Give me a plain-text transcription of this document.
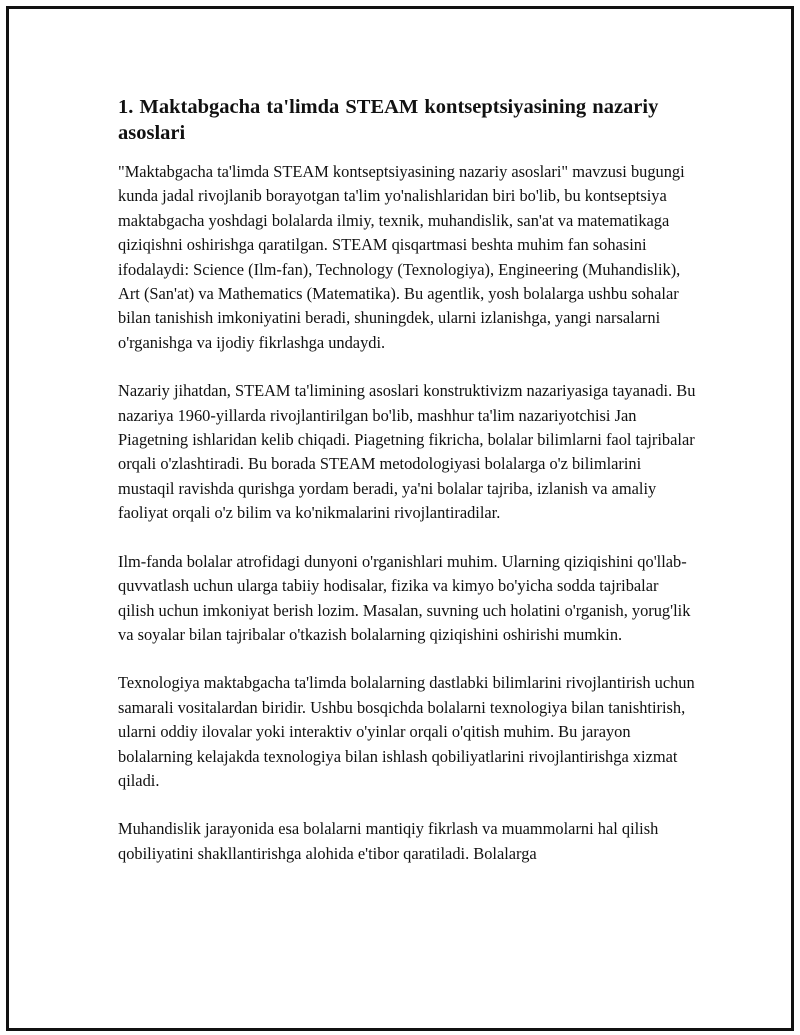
1. Maktabgacha ta'limda STEAM kontseptsiyasining nazariy asoslari

"Maktabgacha ta'limda STEAM kontseptsiyasining nazariy asoslari" mavzusi bugungi kunda jadal rivojlanib borayotgan ta'lim yo'nalishlaridan biri bo'lib, bu kontseptsiya maktabgacha yoshdagi bolalarda ilmiy, texnik, muhandislik, san'at va matematikaga qiziqishni oshirishga qaratilgan. STEAM qisqartmasi beshta muhim fan sohasini ifodalaydi: Science (Ilm-fan), Technology (Texnologiya), Engineering (Muhandislik), Art (San'at) va Mathematics (Matematika). Bu agentlik, yosh bolalarga ushbu sohalar bilan tanishish imkoniyatini beradi, shuningdek, ularni izlanishga, yangi narsalarni o'rganishga va ijodiy fikrlashga undaydi.

Nazariy jihatdan, STEAM ta'limining asoslari konstruktivizm nazariyasiga tayanadi. Bu nazariya 1960-yillarda rivojlantirilgan bo'lib, mashhur ta'lim nazariyotchisi Jan Piagetning ishlaridan kelib chiqadi. Piagetning fikricha, bolalar bilimlarni faol tajribalar orqali o'zlashtiradi. Bu borada STEAM metodologiyasi bolalarga o'z bilimlarini mustaqil ravishda qurishga yordam beradi, ya'ni bolalar tajriba, izlanish va amaliy faoliyat orqali o'z bilim va ko'nikmalarini rivojlantiradilar.

Ilm-fanda bolalar atrofidagi dunyoni o'rganishlari muhim. Ularning qiziqishini qo'llab-quvvatlash uchun ularga tabiiy hodisalar, fizika va kimyo bo'yicha sodda tajribalar qilish uchun imkoniyat berish lozim. Masalan, suvning uch holatini o'rganish, yorug'lik va soyalar bilan tajribalar o'tkazish bolalarning qiziqishini oshirishi mumkin.

Texnologiya maktabgacha ta'limda bolalarning dastlabki bilimlarini rivojlantirish uchun samarali vositalardan biridir. Ushbu bosqichda bolalarni texnologiya bilan tanishtirish, ularni oddiy ilovalar yoki interaktiv o'yinlar orqali o'qitish muhim. Bu jarayon bolalarning kelajakda texnologiya bilan ishlash qobiliyatlarini rivojlantirishga xizmat qiladi.

Muhandislik jarayonida esa bolalarni mantiqiy fikrlash va muammolarni hal qilish qobiliyatini shakllantirishga alohida e'tibor qaratiladi. Bolalarga
